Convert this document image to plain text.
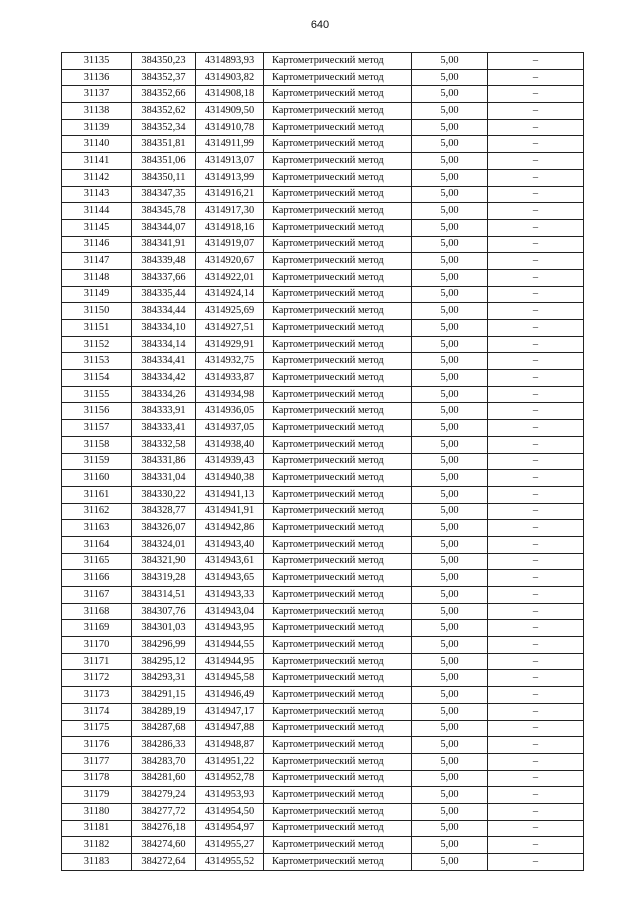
640
31135	384350,23	4314893,93	Картометрический метод	5,00	–
31136	384352,37	4314903,82	Картометрический метод	5,00	–
31137	384352,66	4314908,18	Картометрический метод	5,00	–
31138	384352,62	4314909,50	Картометрический метод	5,00	–
31139	384352,34	4314910,78	Картометрический метод	5,00	–
31140	384351,81	4314911,99	Картометрический метод	5,00	–
31141	384351,06	4314913,07	Картометрический метод	5,00	–
31142	384350,11	4314913,99	Картометрический метод	5,00	–
31143	384347,35	4314916,21	Картометрический метод	5,00	–
31144	384345,78	4314917,30	Картометрический метод	5,00	–
31145	384344,07	4314918,16	Картометрический метод	5,00	–
31146	384341,91	4314919,07	Картометрический метод	5,00	–
31147	384339,48	4314920,67	Картометрический метод	5,00	–
31148	384337,66	4314922,01	Картометрический метод	5,00	–
31149	384335,44	4314924,14	Картометрический метод	5,00	–
31150	384334,44	4314925,69	Картометрический метод	5,00	–
31151	384334,10	4314927,51	Картометрический метод	5,00	–
31152	384334,14	4314929,91	Картометрический метод	5,00	–
31153	384334,41	4314932,75	Картометрический метод	5,00	–
31154	384334,42	4314933,87	Картометрический метод	5,00	–
31155	384334,26	4314934,98	Картометрический метод	5,00	–
31156	384333,91	4314936,05	Картометрический метод	5,00	–
31157	384333,41	4314937,05	Картометрический метод	5,00	–
31158	384332,58	4314938,40	Картометрический метод	5,00	–
31159	384331,86	4314939,43	Картометрический метод	5,00	–
31160	384331,04	4314940,38	Картометрический метод	5,00	–
31161	384330,22	4314941,13	Картометрический метод	5,00	–
31162	384328,77	4314941,91	Картометрический метод	5,00	–
31163	384326,07	4314942,86	Картометрический метод	5,00	–
31164	384324,01	4314943,40	Картометрический метод	5,00	–
31165	384321,90	4314943,61	Картометрический метод	5,00	–
31166	384319,28	4314943,65	Картометрический метод	5,00	–
31167	384314,51	4314943,33	Картометрический метод	5,00	–
31168	384307,76	4314943,04	Картометрический метод	5,00	–
31169	384301,03	4314943,95	Картометрический метод	5,00	–
31170	384296,99	4314944,55	Картометрический метод	5,00	–
31171	384295,12	4314944,95	Картометрический метод	5,00	–
31172	384293,31	4314945,58	Картометрический метод	5,00	–
31173	384291,15	4314946,49	Картометрический метод	5,00	–
31174	384289,19	4314947,17	Картометрический метод	5,00	–
31175	384287,68	4314947,88	Картометрический метод	5,00	–
31176	384286,33	4314948,87	Картометрический метод	5,00	–
31177	384283,70	4314951,22	Картометрический метод	5,00	–
31178	384281,60	4314952,78	Картометрический метод	5,00	–
31179	384279,24	4314953,93	Картометрический метод	5,00	–
31180	384277,72	4314954,50	Картометрический метод	5,00	–
31181	384276,18	4314954,97	Картометрический метод	5,00	–
31182	384274,60	4314955,27	Картометрический метод	5,00	–
31183	384272,64	4314955,52	Картометрический метод	5,00	–
